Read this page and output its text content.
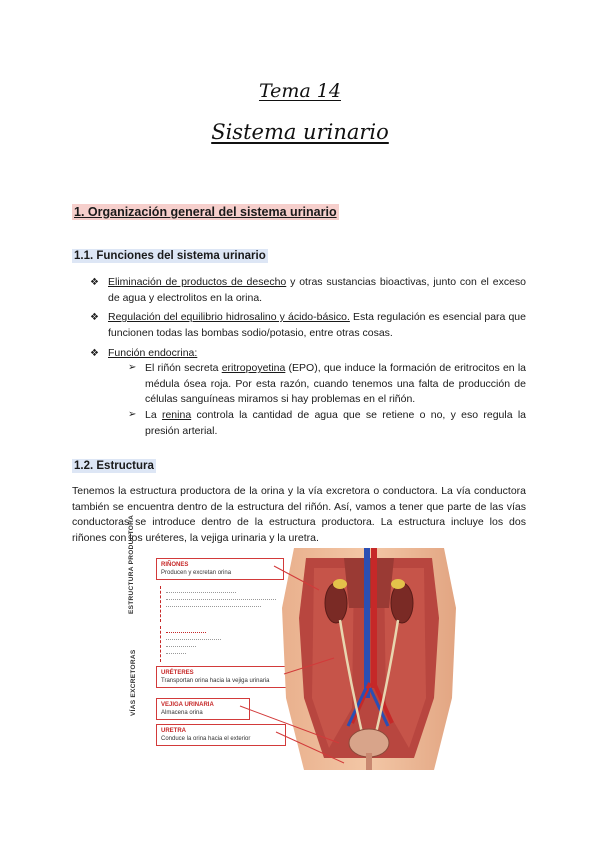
Tema 14
Sistema urinario
1. Organización general del sistema urinario
1.1. Funciones del sistema urinario
❖ Eliminación de productos de desecho y otras sustancias bioactivas, junto con el exceso de agua y electrolitos en la orina.
❖ Regulación del equilibrio hidrosalino y ácido-básico. Esta regulación es esencial para que funcionen todas las bombas sodio/potasio, entre otras cosas.
❖ Función endocrina:
➢ El riñón secreta eritropoyetina (EPO), que induce la formación de eritrocitos en la médula ósea roja. Por esta razón, cuando tenemos una falta de producción de células sanguíneas miramos si hay problemas en el riñón.
➢ La renina controla la cantidad de agua que se retiene o no, y eso regula la presión arterial.
1.2. Estructura
Tenemos la estructura productora de la orina y la vía excretora o conductora. La vía conductora también se encuentra dentro de la estructura del riñón. Así, vamos a tener que parte de las vías conductoras se introduce dentro de la estructura productora. La estructura incluye los dos riñones con los uréteres, la vejiga urinaria y la uretra.
ESTRUCTURA PRODUCTORA
VÍAS EXCRETORAS
RIÑONES
Producen y excretan orina
URÉTERES
Transportan orina hacia la vejiga urinaria
VEJIGA URINARIA
Almacena orina
URETRA
Conduce la orina hacia el exterior
